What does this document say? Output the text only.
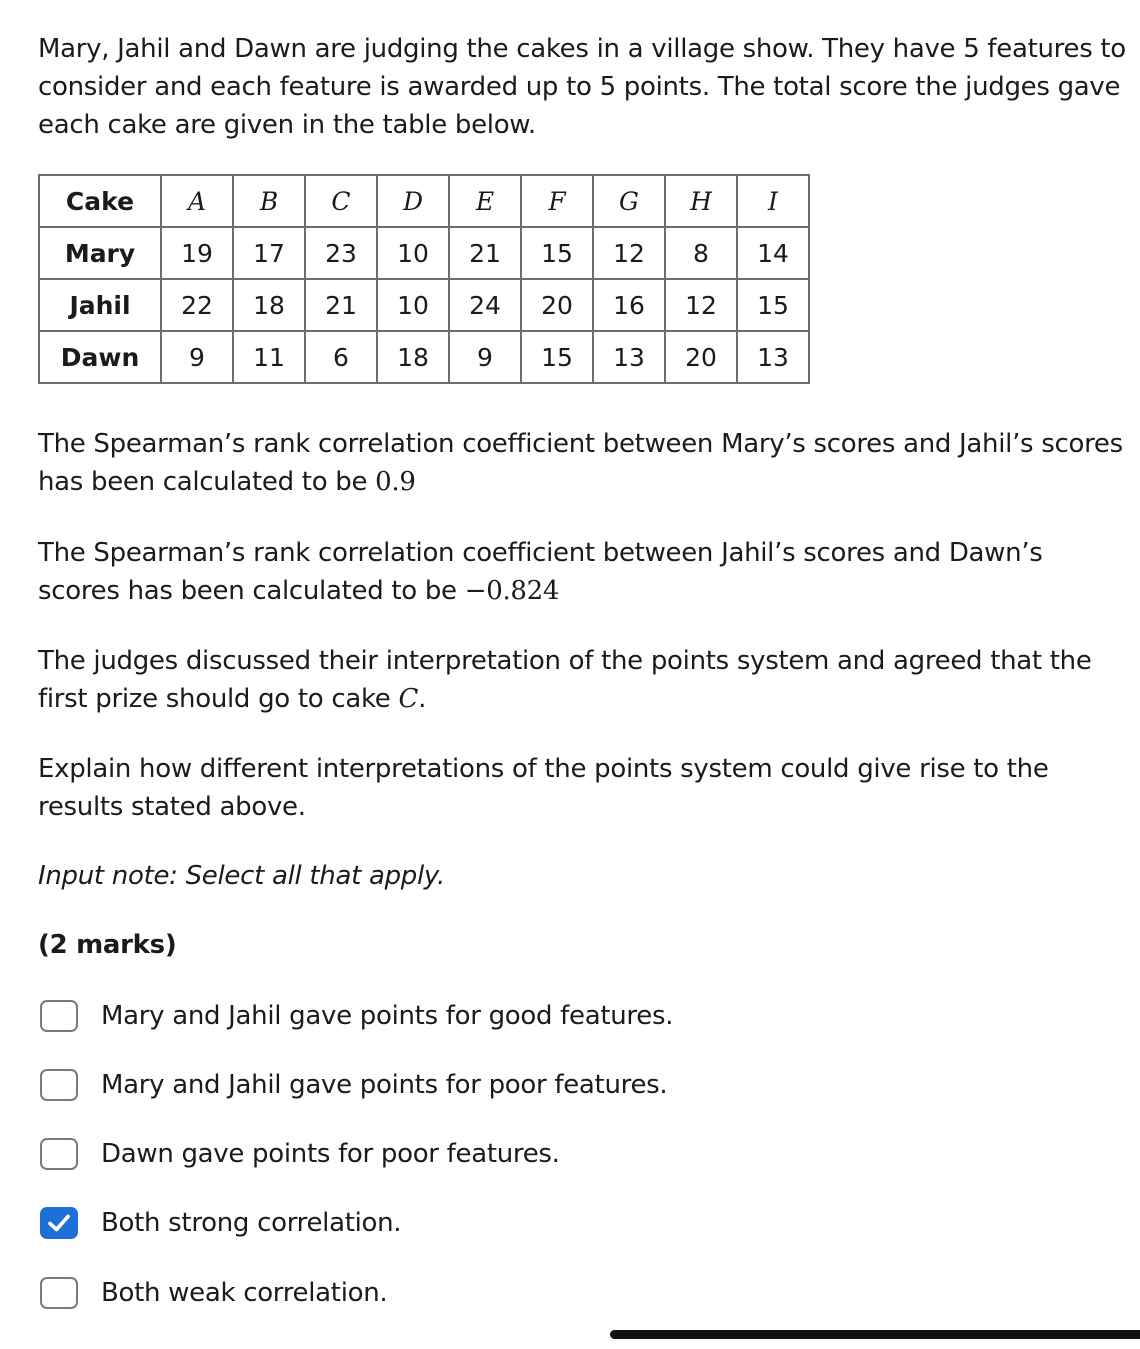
Mary, Jahil and Dawn are judging the cakes in a village show. They have 5 features to consider and each feature is awarded up to 5 points. The total score the judges gave each cake are given in the table below.

Cake	A	B	C	D	E	F	G	H	I
Mary	19	17	23	10	21	15	12	8	14
Jahil	22	18	21	10	24	20	16	12	15
Dawn	9	11	6	18	9	15	13	20	13

The Spearman’s rank correlation coefficient between Mary’s scores and Jahil’s scores has been calculated to be 0.9

The Spearman’s rank correlation coefficient between Jahil’s scores and Dawn’s scores has been calculated to be −0.824

The judges discussed their interpretation of the points system and agreed that the first prize should go to cake C.

Explain how different interpretations of the points system could give rise to the results stated above.

Input note: Select all that apply.

(2 marks)

Mary and Jahil gave points for good features.
Mary and Jahil gave points for poor features.
Dawn gave points for poor features.
Both strong correlation.
Both weak correlation.
